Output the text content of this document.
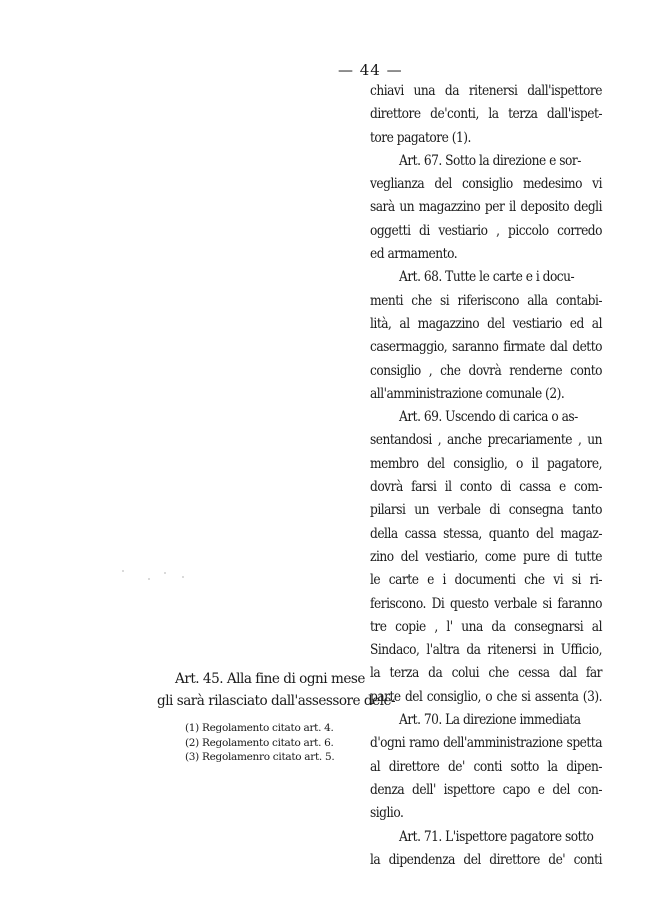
— 44 —
chiavi una da ritenersi dall'ispettore
direttore de'conti, la terza dall'ispet-
tore pagatore (1).
Art. 67. Sotto la direzione e sor-
veglianza del consiglio medesimo vi
sarà un magazzino per il deposito degli
oggetti di vestiario , piccolo corredo
ed armamento.
Art. 68. Tutte le carte e i docu-
menti che si riferiscono alla contabi-
lità, al magazzino del vestiario ed al
casermaggio, saranno firmate dal detto
consiglio , che dovrà renderne conto
all'amministrazione comunale (2).
Art. 69. Uscendo di carica o as-
sentandosi , anche precariamente , un
membro del consiglio, o il pagatore,
dovrà farsi il conto di cassa e com-
pilarsi un verbale di consegna tanto
della cassa stessa, quanto del magaz-
zino del vestiario, come pure di tutte
le carte e i documenti che vi si ri-
feriscono. Di questo verbale si faranno
tre copie , l' una da consegnarsi al
Sindaco, l'altra da ritenersi in Ufficio,
la terza da colui che cessa dal far
parte del consiglio, o che si assenta (3).
Art. 70. La direzione immediata
d'ogni ramo dell'amministrazione spetta
al direttore de' conti sotto la dipen-
denza dell' ispettore capo e del con-
siglio.
Art. 71. L'ispettore pagatore sotto
la dipendenza del direttore de' conti
Art. 45. Alla fine di ogni mese
gli sarà rilasciato dall'assessore dele-
(1) Regolamento citato art. 4.
(2) Regolamento citato art. 6.
(3) Regolamenro citato art. 5.
